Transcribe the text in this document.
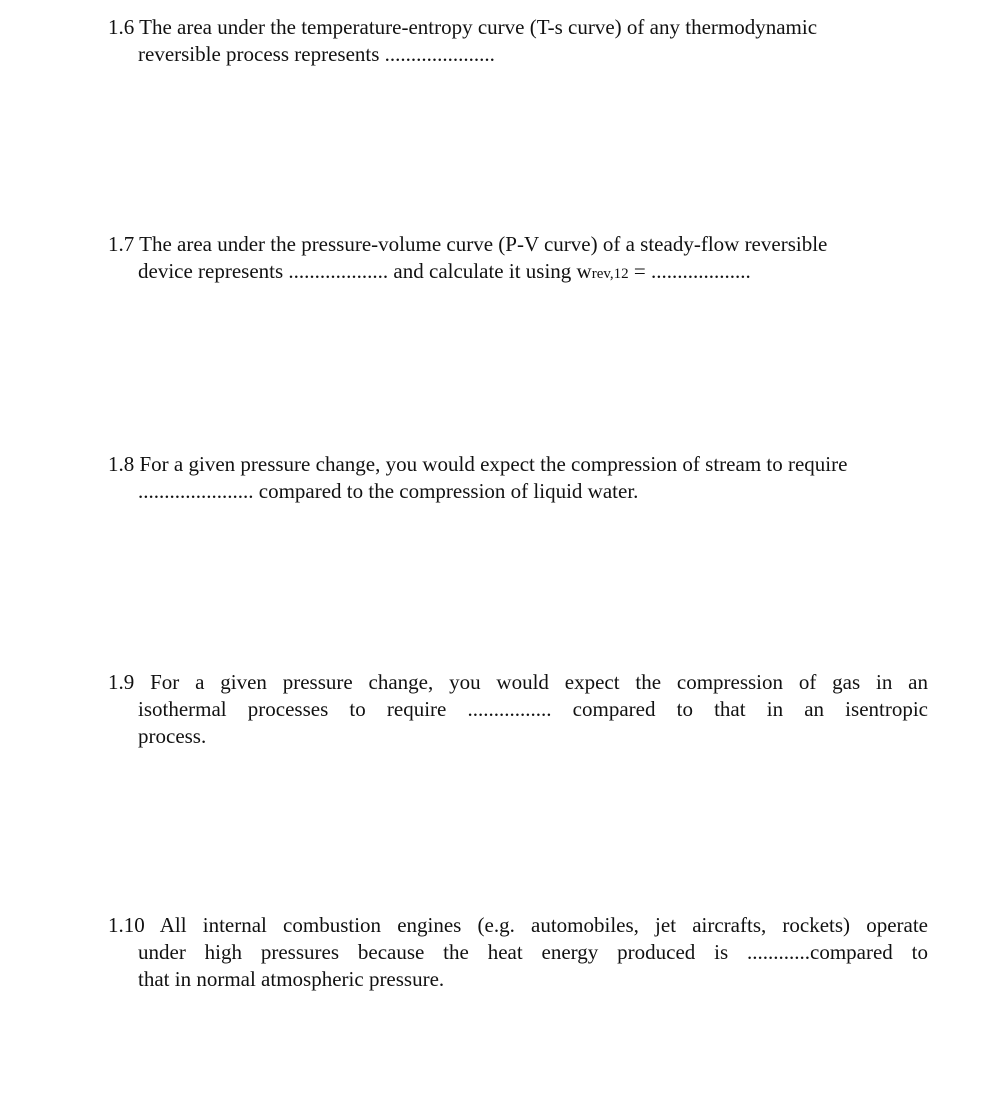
1.6 The area under the temperature-entropy curve (T-s curve) of any thermodynamic
reversible process represents .....................
1.7 The area under the pressure-volume curve (P-V curve) of a steady-flow reversible
device represents ................... and calculate it using wrev,12 = ...................
1.8 For a given pressure change, you would expect the compression of stream to require
...................... compared to the compression of liquid water.
1.9 For a given pressure change, you would expect the compression of gas in an
isothermal processes to require ................ compared to that in an isentropic
process.
1.10 All internal combustion engines (e.g. automobiles, jet aircrafts, rockets) operate
under high pressures because the heat energy produced is ............compared to
that in normal atmospheric pressure.
